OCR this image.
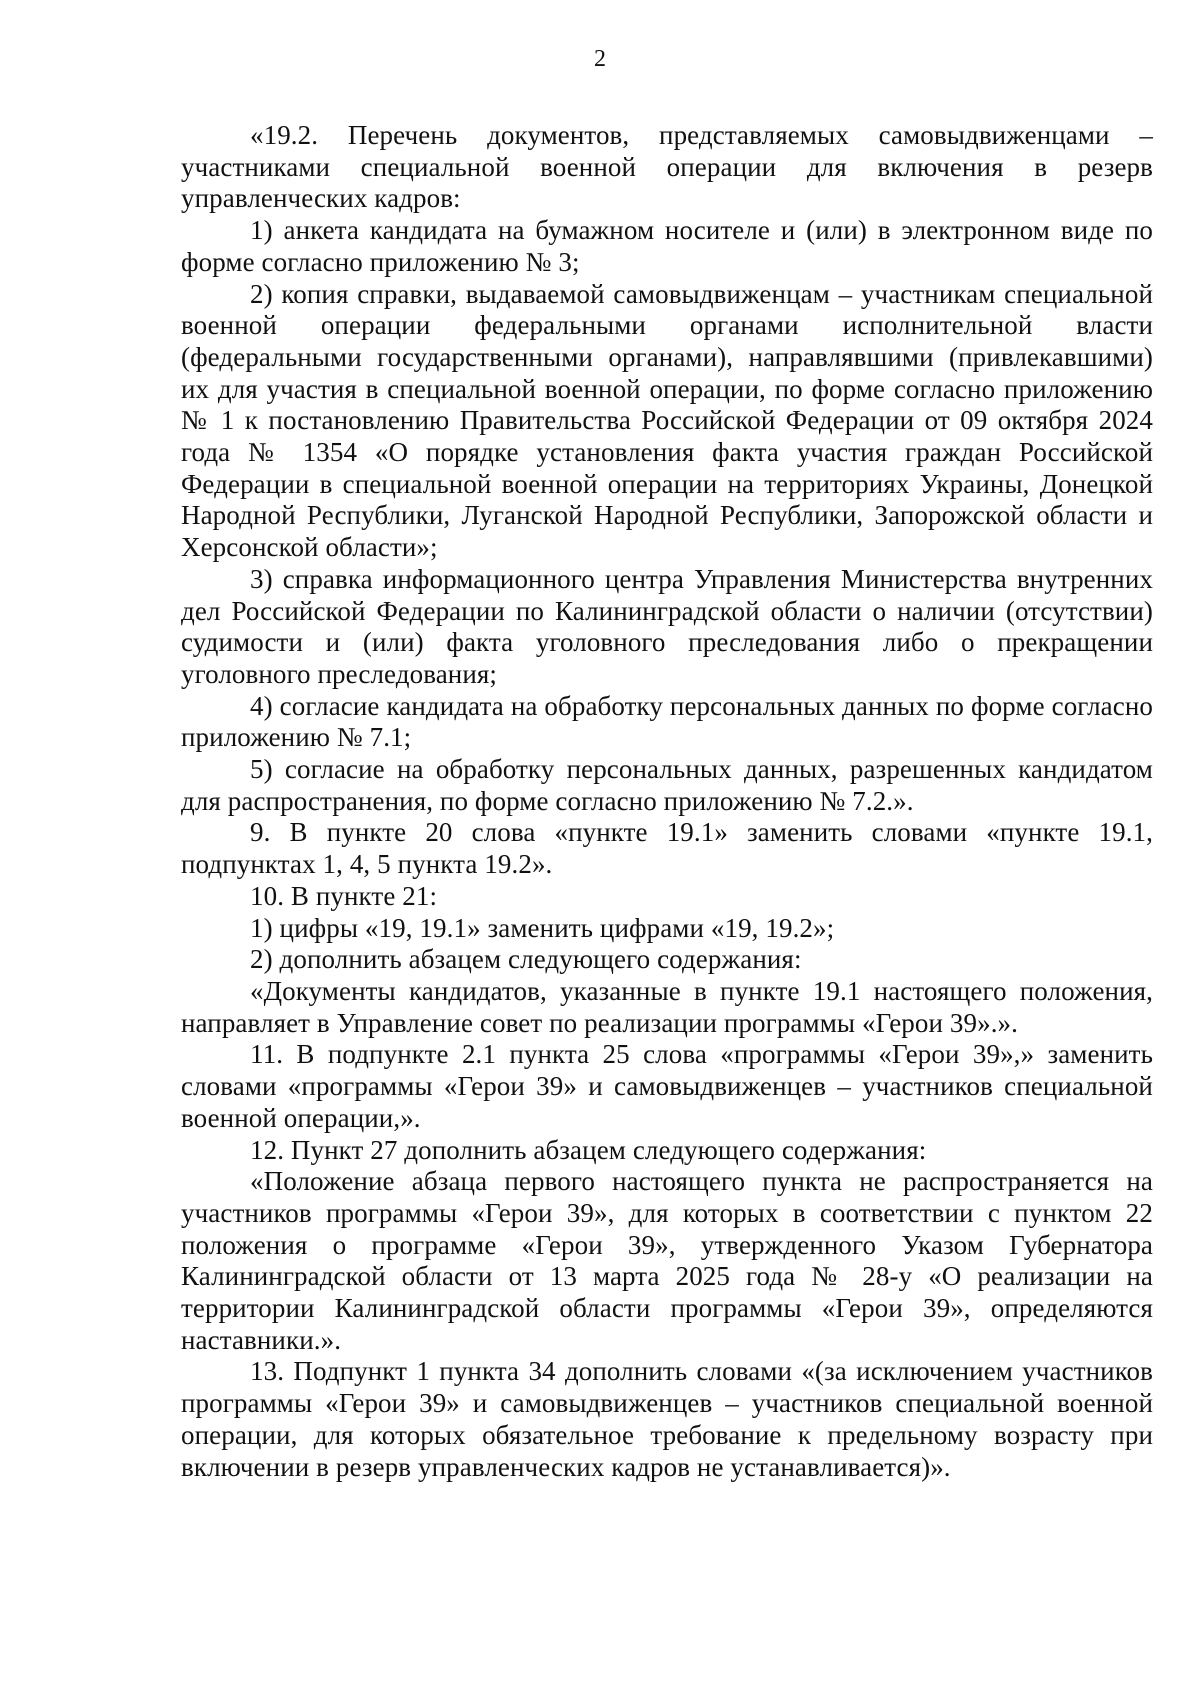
2

«19.2. Перечень документов, представляемых самовыдвиженцами – участниками специальной военной операции для включения в резерв управленческих кадров:

1) анкета кандидата на бумажном носителе и (или) в электронном виде по форме согласно приложению № 3;

2) копия справки, выдаваемой самовыдвиженцам – участникам специальной военной операции федеральными органами исполнительной власти (федеральными государственными органами), направлявшими (привлекавшими) их для участия в специальной военной операции, по форме согласно приложению № 1 к постановлению Правительства Российской Федерации от 09 октября 2024 года № 1354 «О порядке установления факта участия граждан Российской Федерации в специальной военной операции на территориях Украины, Донецкой Народной Республики, Луганской Народной Республики, Запорожской области и Херсонской области»;

3) справка информационного центра Управления Министерства внутренних дел Российской Федерации по Калининградской области о наличии (отсутствии) судимости и (или) факта уголовного преследования либо о прекращении уголовного преследования;

4) согласие кандидата на обработку персональных данных по форме согласно приложению № 7.1;

5) согласие на обработку персональных данных, разрешенных кандидатом для распространения, по форме согласно приложению № 7.2.».

9. В пункте 20 слова «пункте 19.1» заменить словами «пункте 19.1, подпунктах 1, 4, 5 пункта 19.2».

10. В пункте 21:

1) цифры «19, 19.1» заменить цифрами «19, 19.2»;

2) дополнить абзацем следующего содержания:

«Документы кандидатов, указанные в пункте 19.1 настоящего положения, направляет в Управление совет по реализации программы «Герои 39».».

11. В подпункте 2.1 пункта 25 слова «программы «Герои 39»,» заменить словами «программы «Герои 39» и самовыдвиженцев – участников специальной военной операции,».

12. Пункт 27 дополнить абзацем следующего содержания:

«Положение абзаца первого настоящего пункта не распространяется на участников программы «Герои 39», для которых в соответствии с пунктом 22 положения о программе «Герои 39», утвержденного Указом Губернатора Калининградской области от 13 марта 2025 года № 28-у «О реализации на территории Калининградской области программы «Герои 39», определяются наставники.».

13. Подпункт 1 пункта 34 дополнить словами «(за исключением участников программы «Герои 39» и самовыдвиженцев – участников специальной военной операции, для которых обязательное требование к предельному возрасту при включении в резерв управленческих кадров не устанавливается)».
